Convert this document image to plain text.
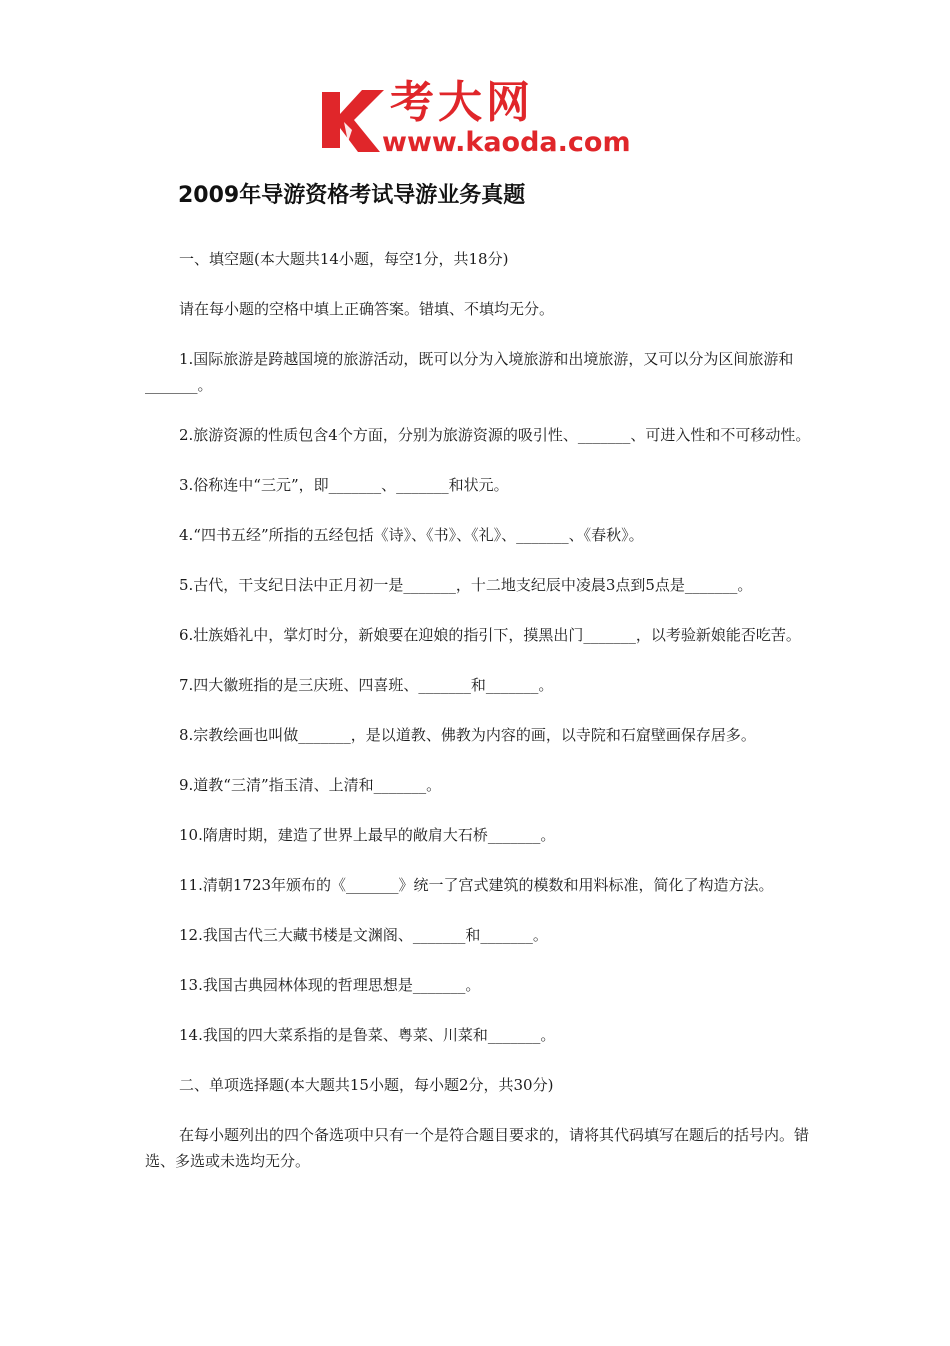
考大网
www.kaoda.com
2009年导游资格考试导游业务真题

一、填空题(本大题共14小题，每空1分，共18分)

请在每小题的空格中填上正确答案。错填、不填均无分。

1.国际旅游是跨越国境的旅游活动，既可以分为入境旅游和出境旅游，又可以分为区间旅游和_______。

2.旅游资源的性质包含4个方面，分别为旅游资源的吸引性、_______、可进入性和不可移动性。

3.俗称连中“三元”，即_______、_______和状元。

4.“四书五经”所指的五经包括《诗》、《书》、《礼》、_______、《春秋》。

5.古代，干支纪日法中正月初一是_______，十二地支纪辰中凌晨3点到5点是_______。

6.壮族婚礼中，掌灯时分，新娘要在迎娘的指引下，摸黑出门_______，以考验新娘能否吃苦。

7.四大徽班指的是三庆班、四喜班、_______和_______。

8.宗教绘画也叫做_______，是以道教、佛教为内容的画，以寺院和石窟壁画保存居多。

9.道教“三清”指玉清、上清和_______。

10.隋唐时期，建造了世界上最早的敞肩大石桥_______。

11.清朝1723年颁布的《_______》统一了宫式建筑的模数和用料标准，简化了构造方法。

12.我国古代三大藏书楼是文渊阁、_______和_______。

13.我国古典园林体现的哲理思想是_______。

14.我国的四大菜系指的是鲁菜、粤菜、川菜和_______。

二、单项选择题(本大题共15小题，每小题2分，共30分)

在每小题列出的四个备选项中只有一个是符合题目要求的，请将其代码填写在题后的括号内。错选、多选或未选均无分。
